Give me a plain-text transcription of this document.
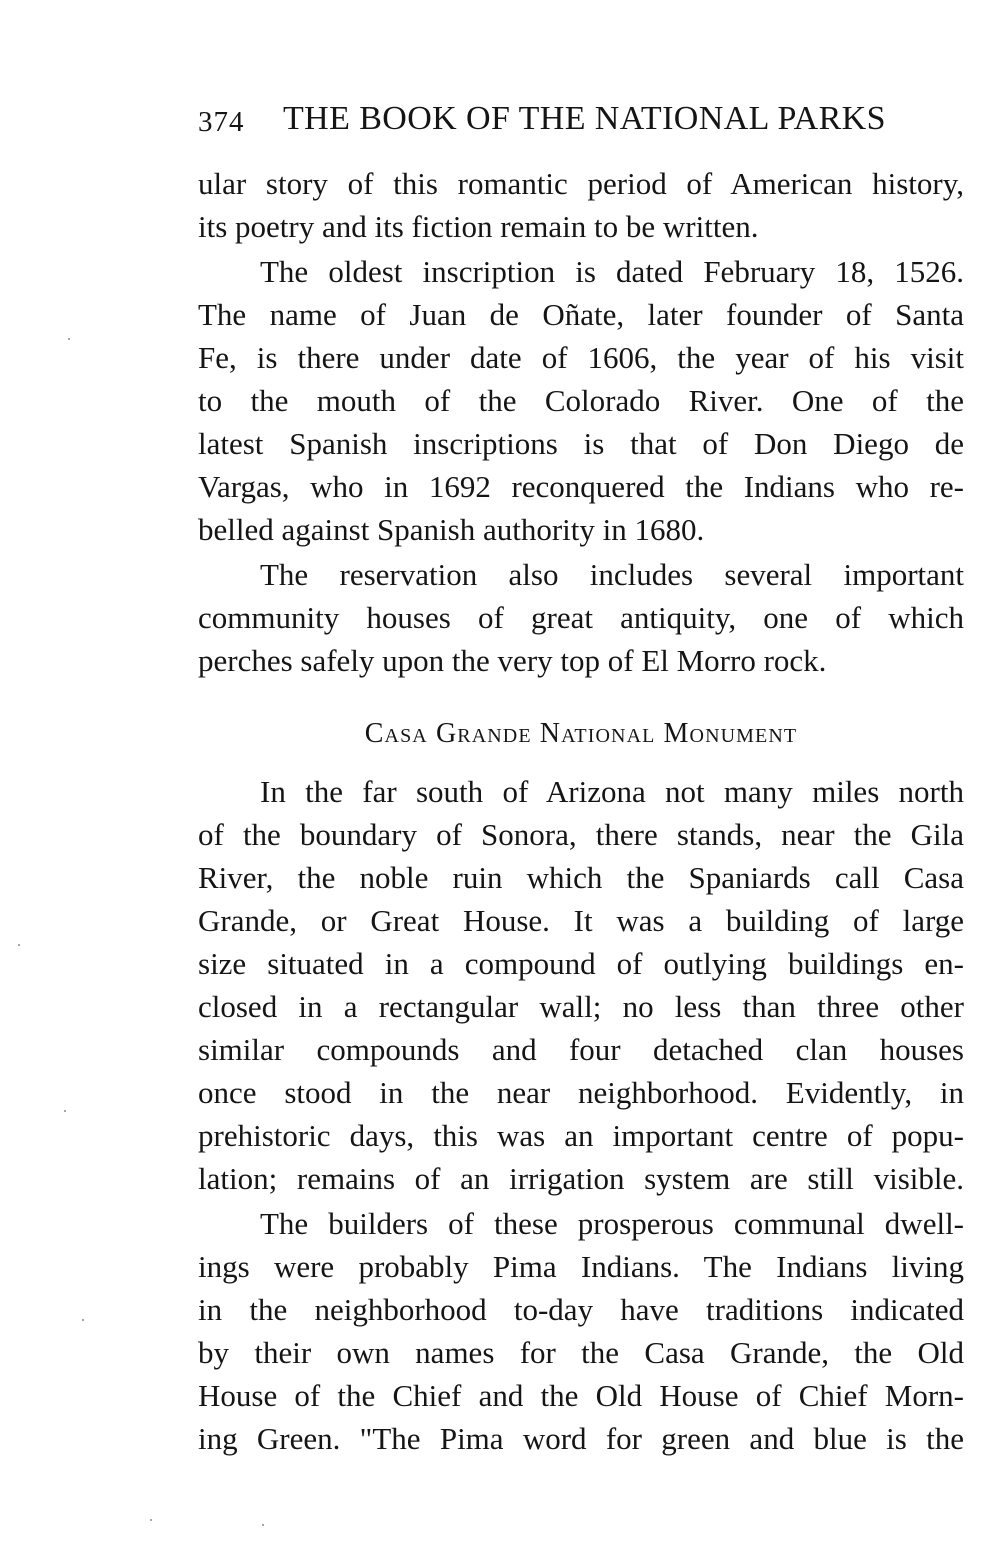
374 THE BOOK OF THE NATIONAL PARKS
ular story of this romantic period of American history,
its poetry and its fiction remain to be written.
The oldest inscription is dated February 18, 1526.
The name of Juan de Oñate, later founder of Santa
Fe, is there under date of 1606, the year of his visit
to the mouth of the Colorado River. One of the
latest Spanish inscriptions is that of Don Diego de
Vargas, who in 1692 reconquered the Indians who re-
belled against Spanish authority in 1680.
The reservation also includes several important
community houses of great antiquity, one of which
perches safely upon the very top of El Morro rock.
Casa Grande National Monument
In the far south of Arizona not many miles north
of the boundary of Sonora, there stands, near the Gila
River, the noble ruin which the Spaniards call Casa
Grande, or Great House. It was a building of large
size situated in a compound of outlying buildings en-
closed in a rectangular wall; no less than three other
similar compounds and four detached clan houses
once stood in the near neighborhood. Evidently, in
prehistoric days, this was an important centre of popu-
lation; remains of an irrigation system are still visible.
The builders of these prosperous communal dwell-
ings were probably Pima Indians. The Indians living
in the neighborhood to-day have traditions indicated
by their own names for the Casa Grande, the Old
House of the Chief and the Old House of Chief Morn-
ing Green. "The Pima word for green and blue is the
